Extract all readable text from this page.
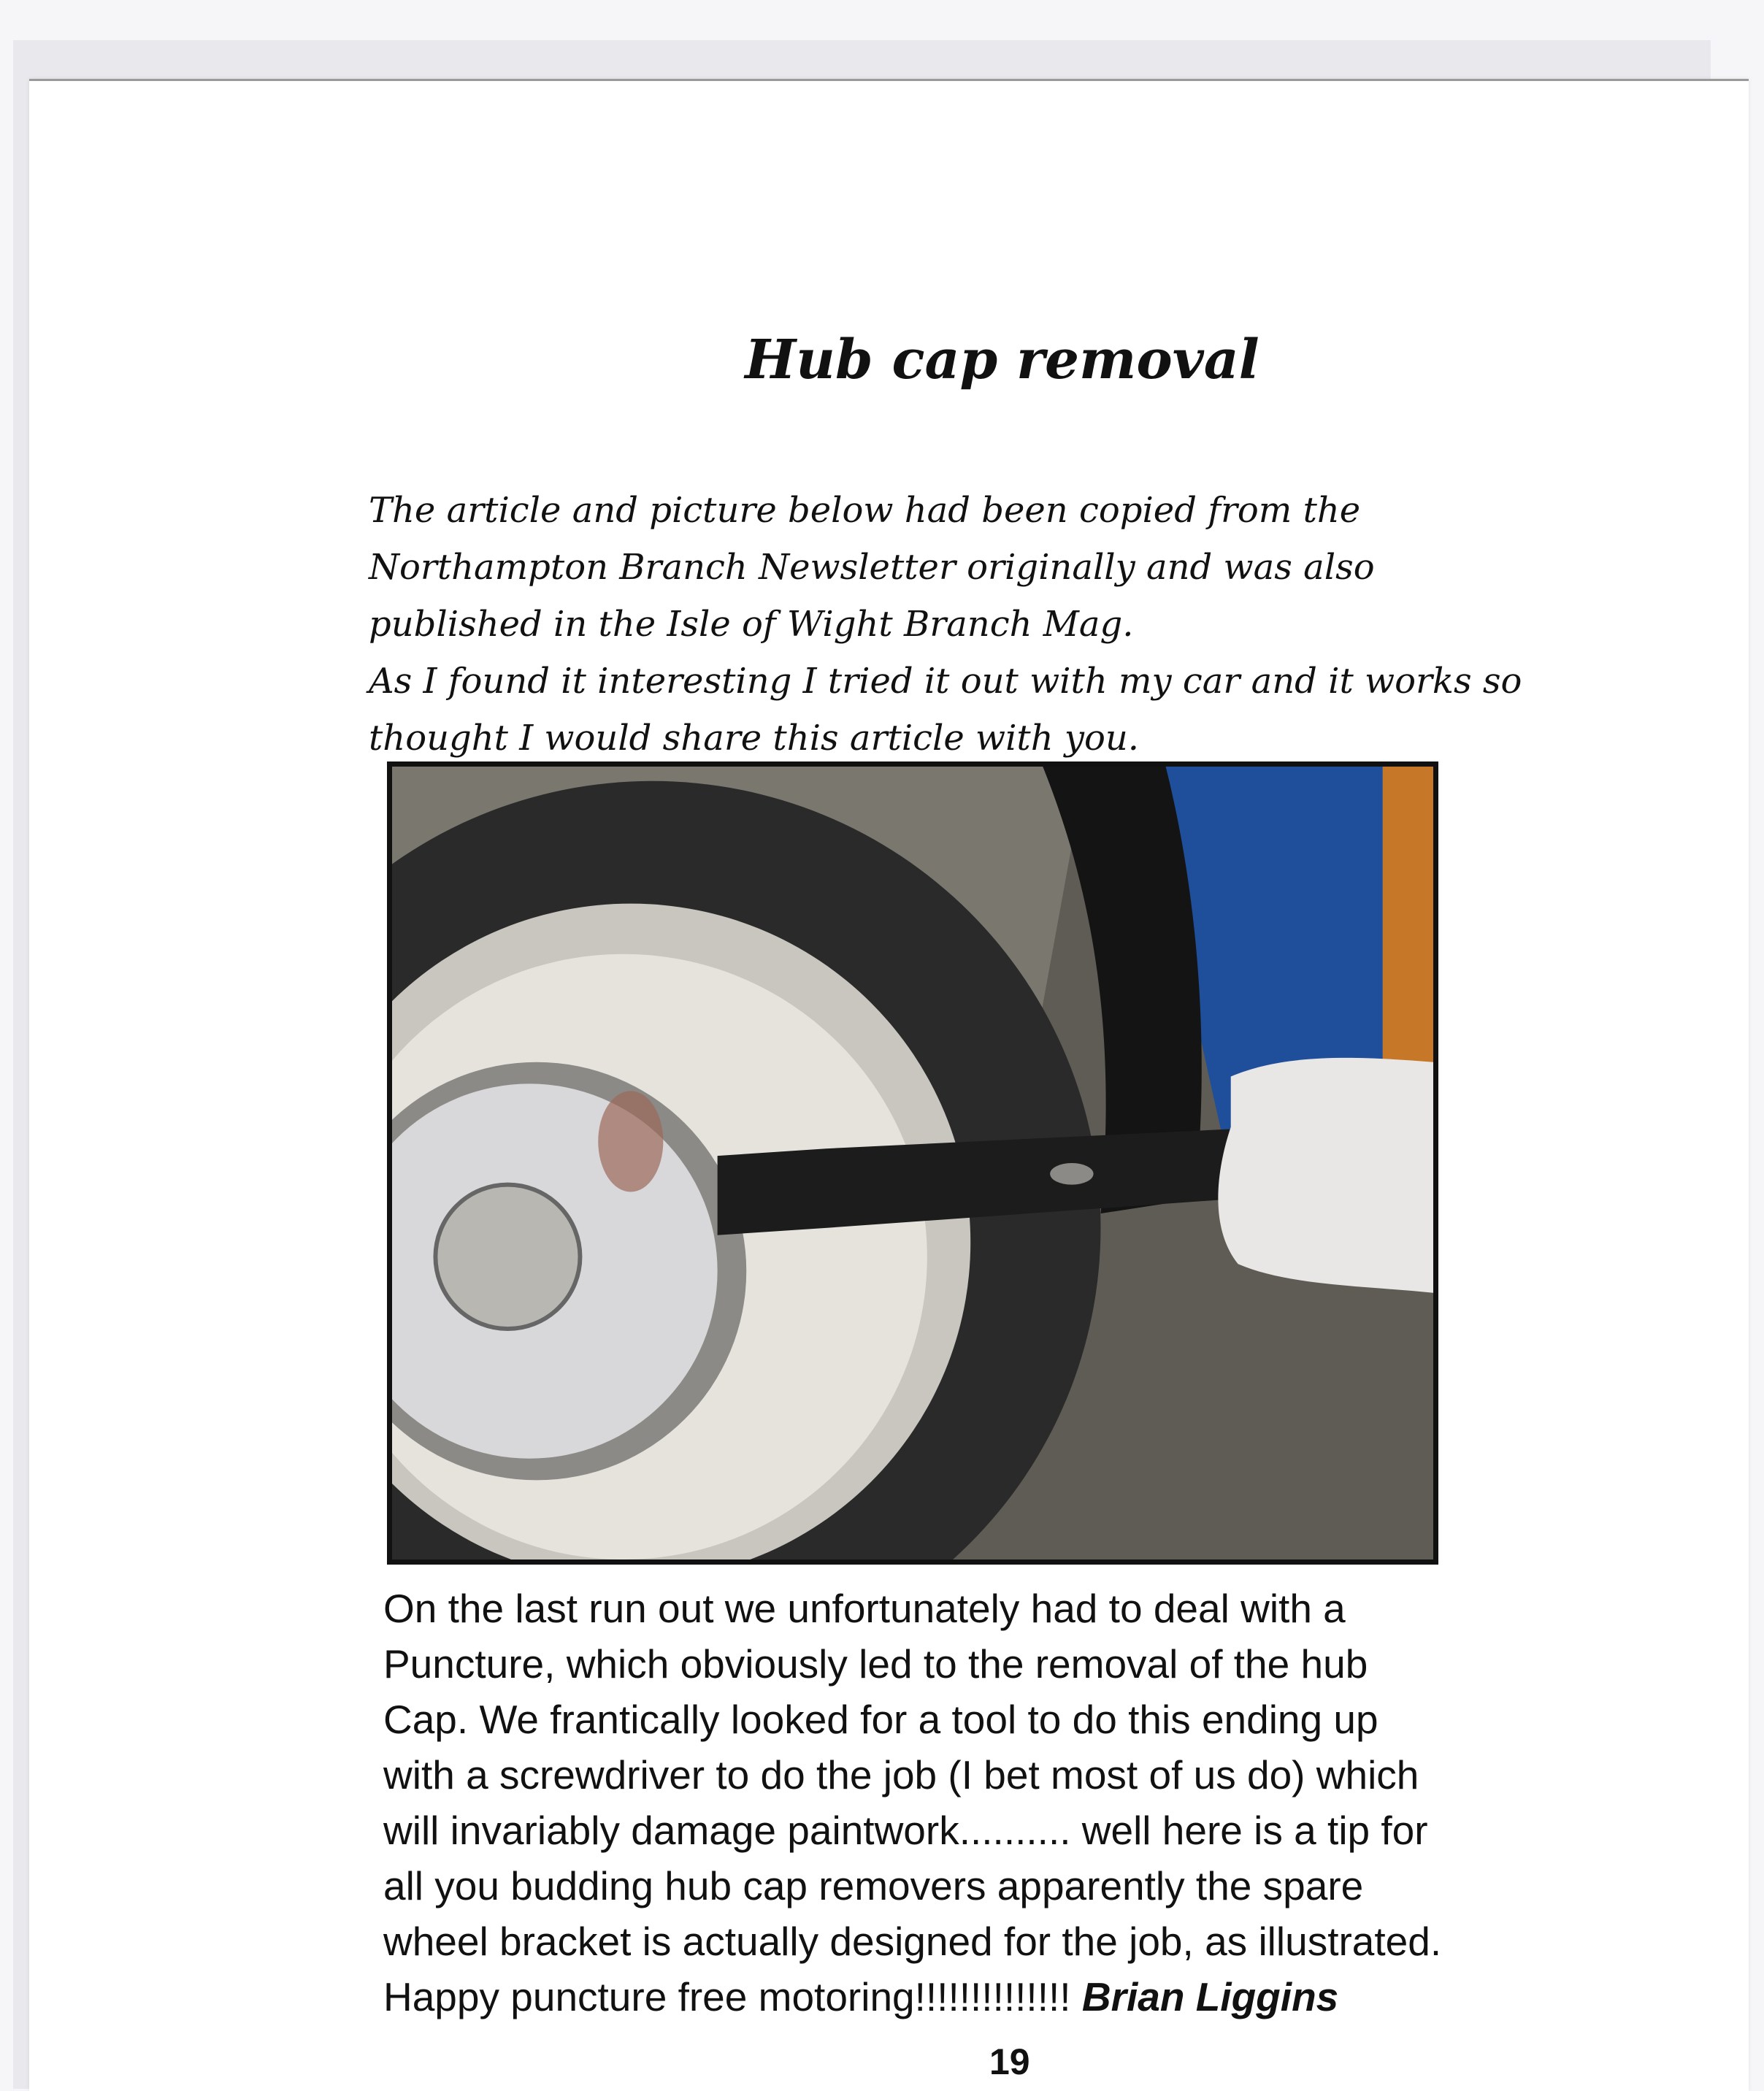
Hub cap removal

The article and picture below had been copied from the

Northampton Branch Newsletter originally and was also

published in the Isle of Wight Branch Mag.

As I found it interesting I tried it out with my car and it works so

thought I would share this article with you.

On the last run out we unfortunately had to deal with a

Puncture, which obviously led to the removal of the hub

Cap. We frantically looked for a tool to do this ending up

with a screwdriver to do the job (I bet most of us do) which

will invariably damage paintwork.......... well here is a tip for

all you budding hub cap removers apparently the spare

wheel bracket is actually designed for the job, as illustrated.

Happy puncture free motoring!!!!!!!!!!!!!! Brian Liggins

19
